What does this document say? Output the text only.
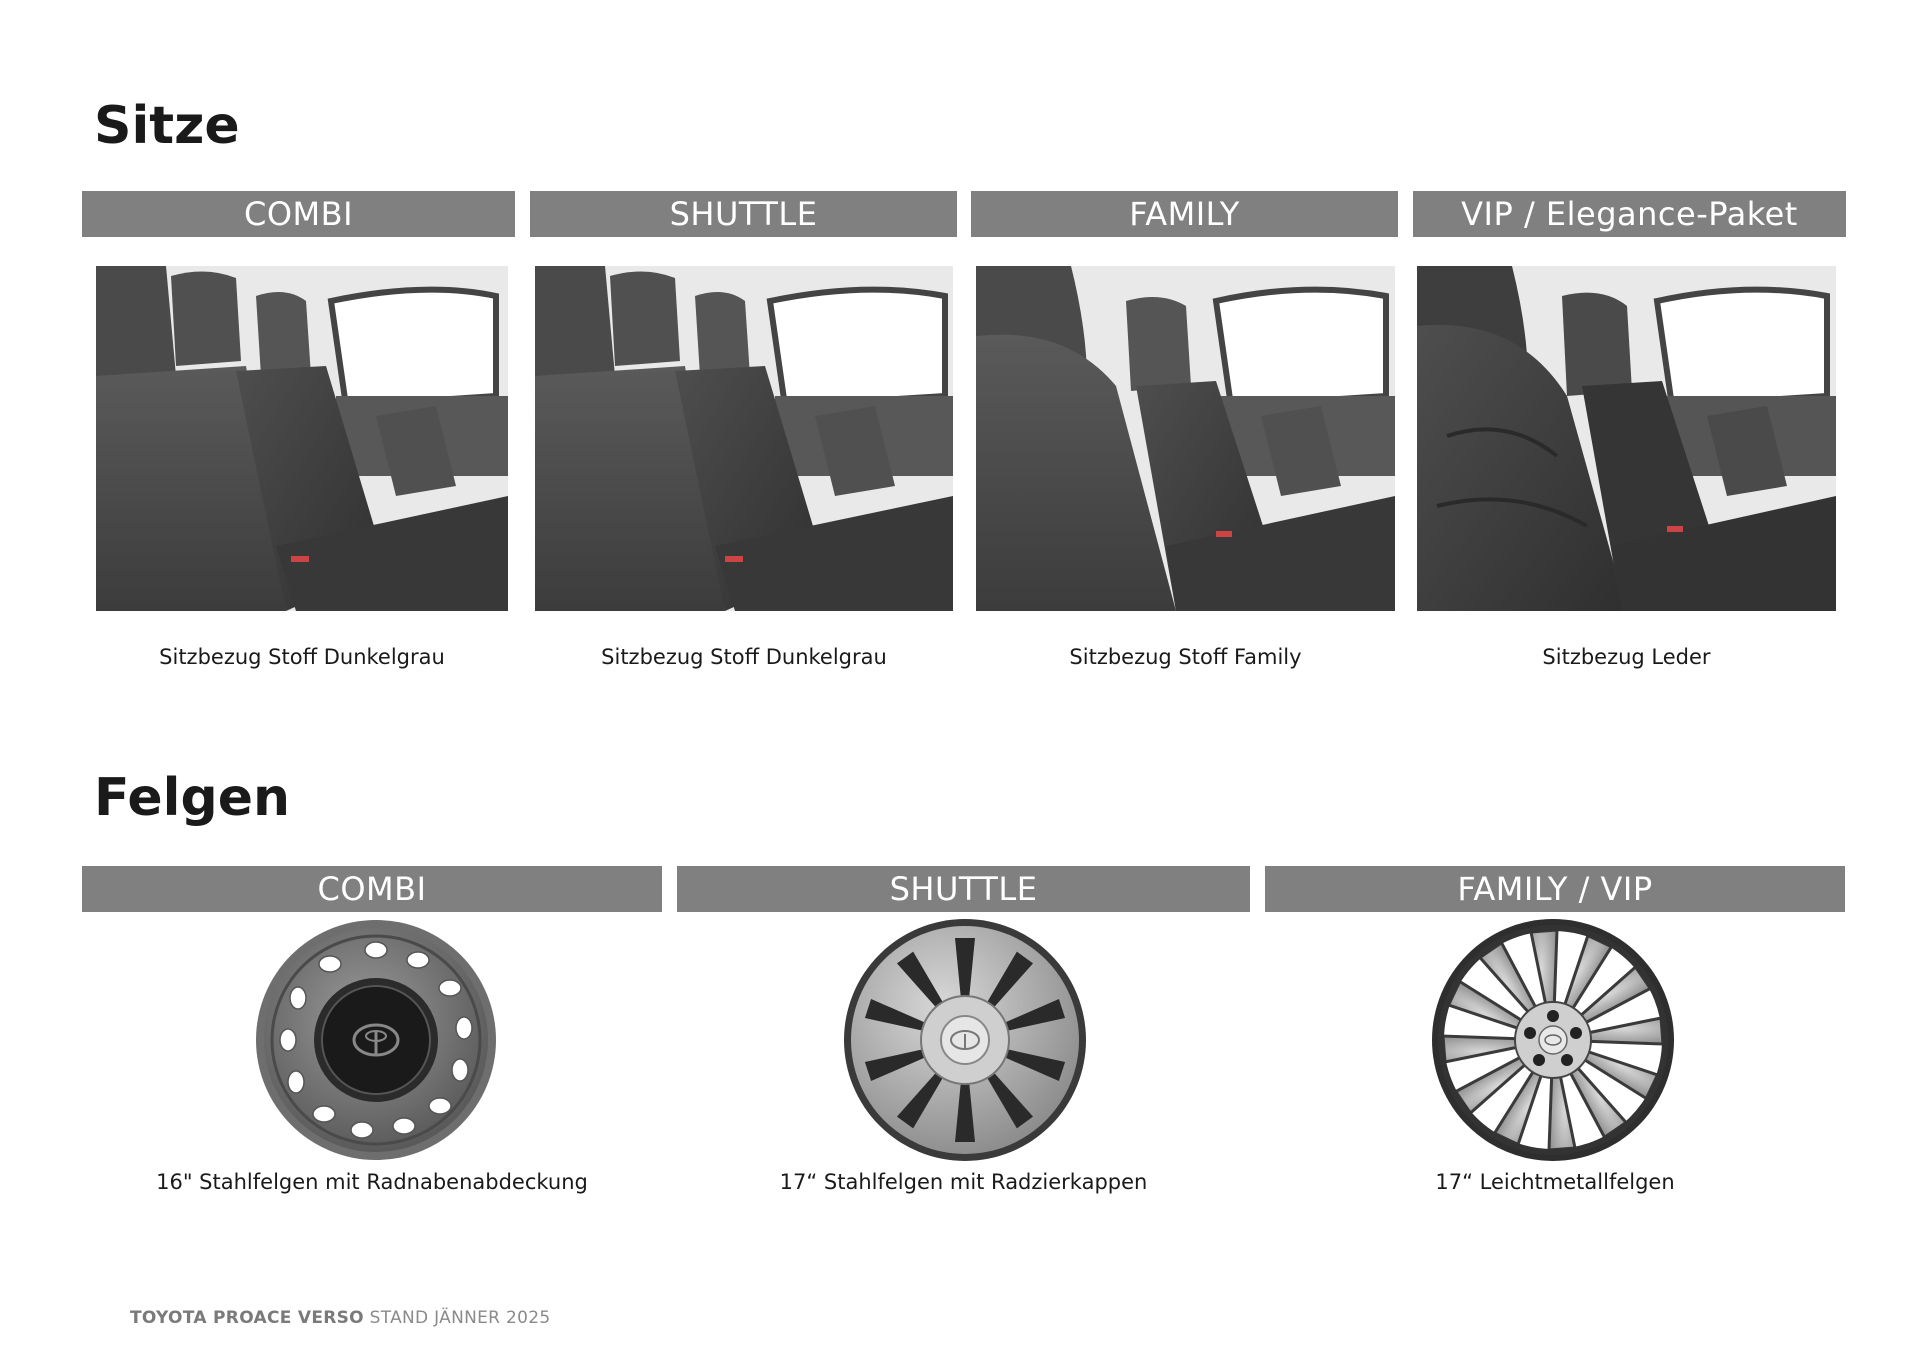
Sitze
COMBI	SHUTTLE	FAMILY	VIP / Elegance-Paket
Sitzbezug Stoff Dunkelgrau	Sitzbezug Stoff Dunkelgrau	Sitzbezug Stoff Family	Sitzbezug Leder
Felgen
COMBI	SHUTTLE	FAMILY / VIP
16" Stahlfelgen mit Radnabenabdeckung	17“ Stahlfelgen mit Radzierkappen	17“ Leichtmetallfelgen
TOYOTA PROACE VERSO STAND JÄNNER 2025
